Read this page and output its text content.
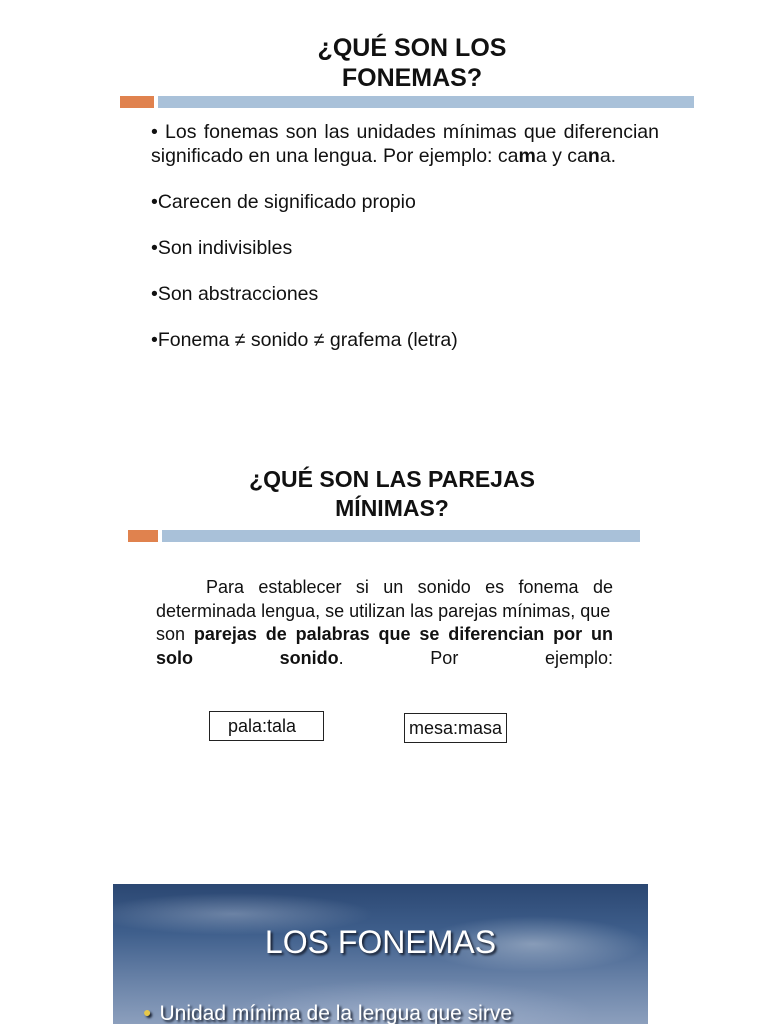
¿QUÉ SON LOS FONEMAS?
• Los fonemas son las unidades mínimas que diferencian significado en una lengua. Por ejemplo: cama y cana.
•Carecen de significado propio
•Son indivisibles
•Son abstracciones
•Fonema ≠ sonido ≠ grafema (letra)
¿QUÉ SON LAS PAREJAS MÍNIMAS?
Para establecer si un sonido es fonema de determinada lengua, se utilizan las parejas mínimas, que
son parejas de palabras que se diferencian por un solo sonido. Por ejemplo:
pala:tala	mesa:masa
LOS FONEMAS
● Unidad mínima de la lengua que sirve
